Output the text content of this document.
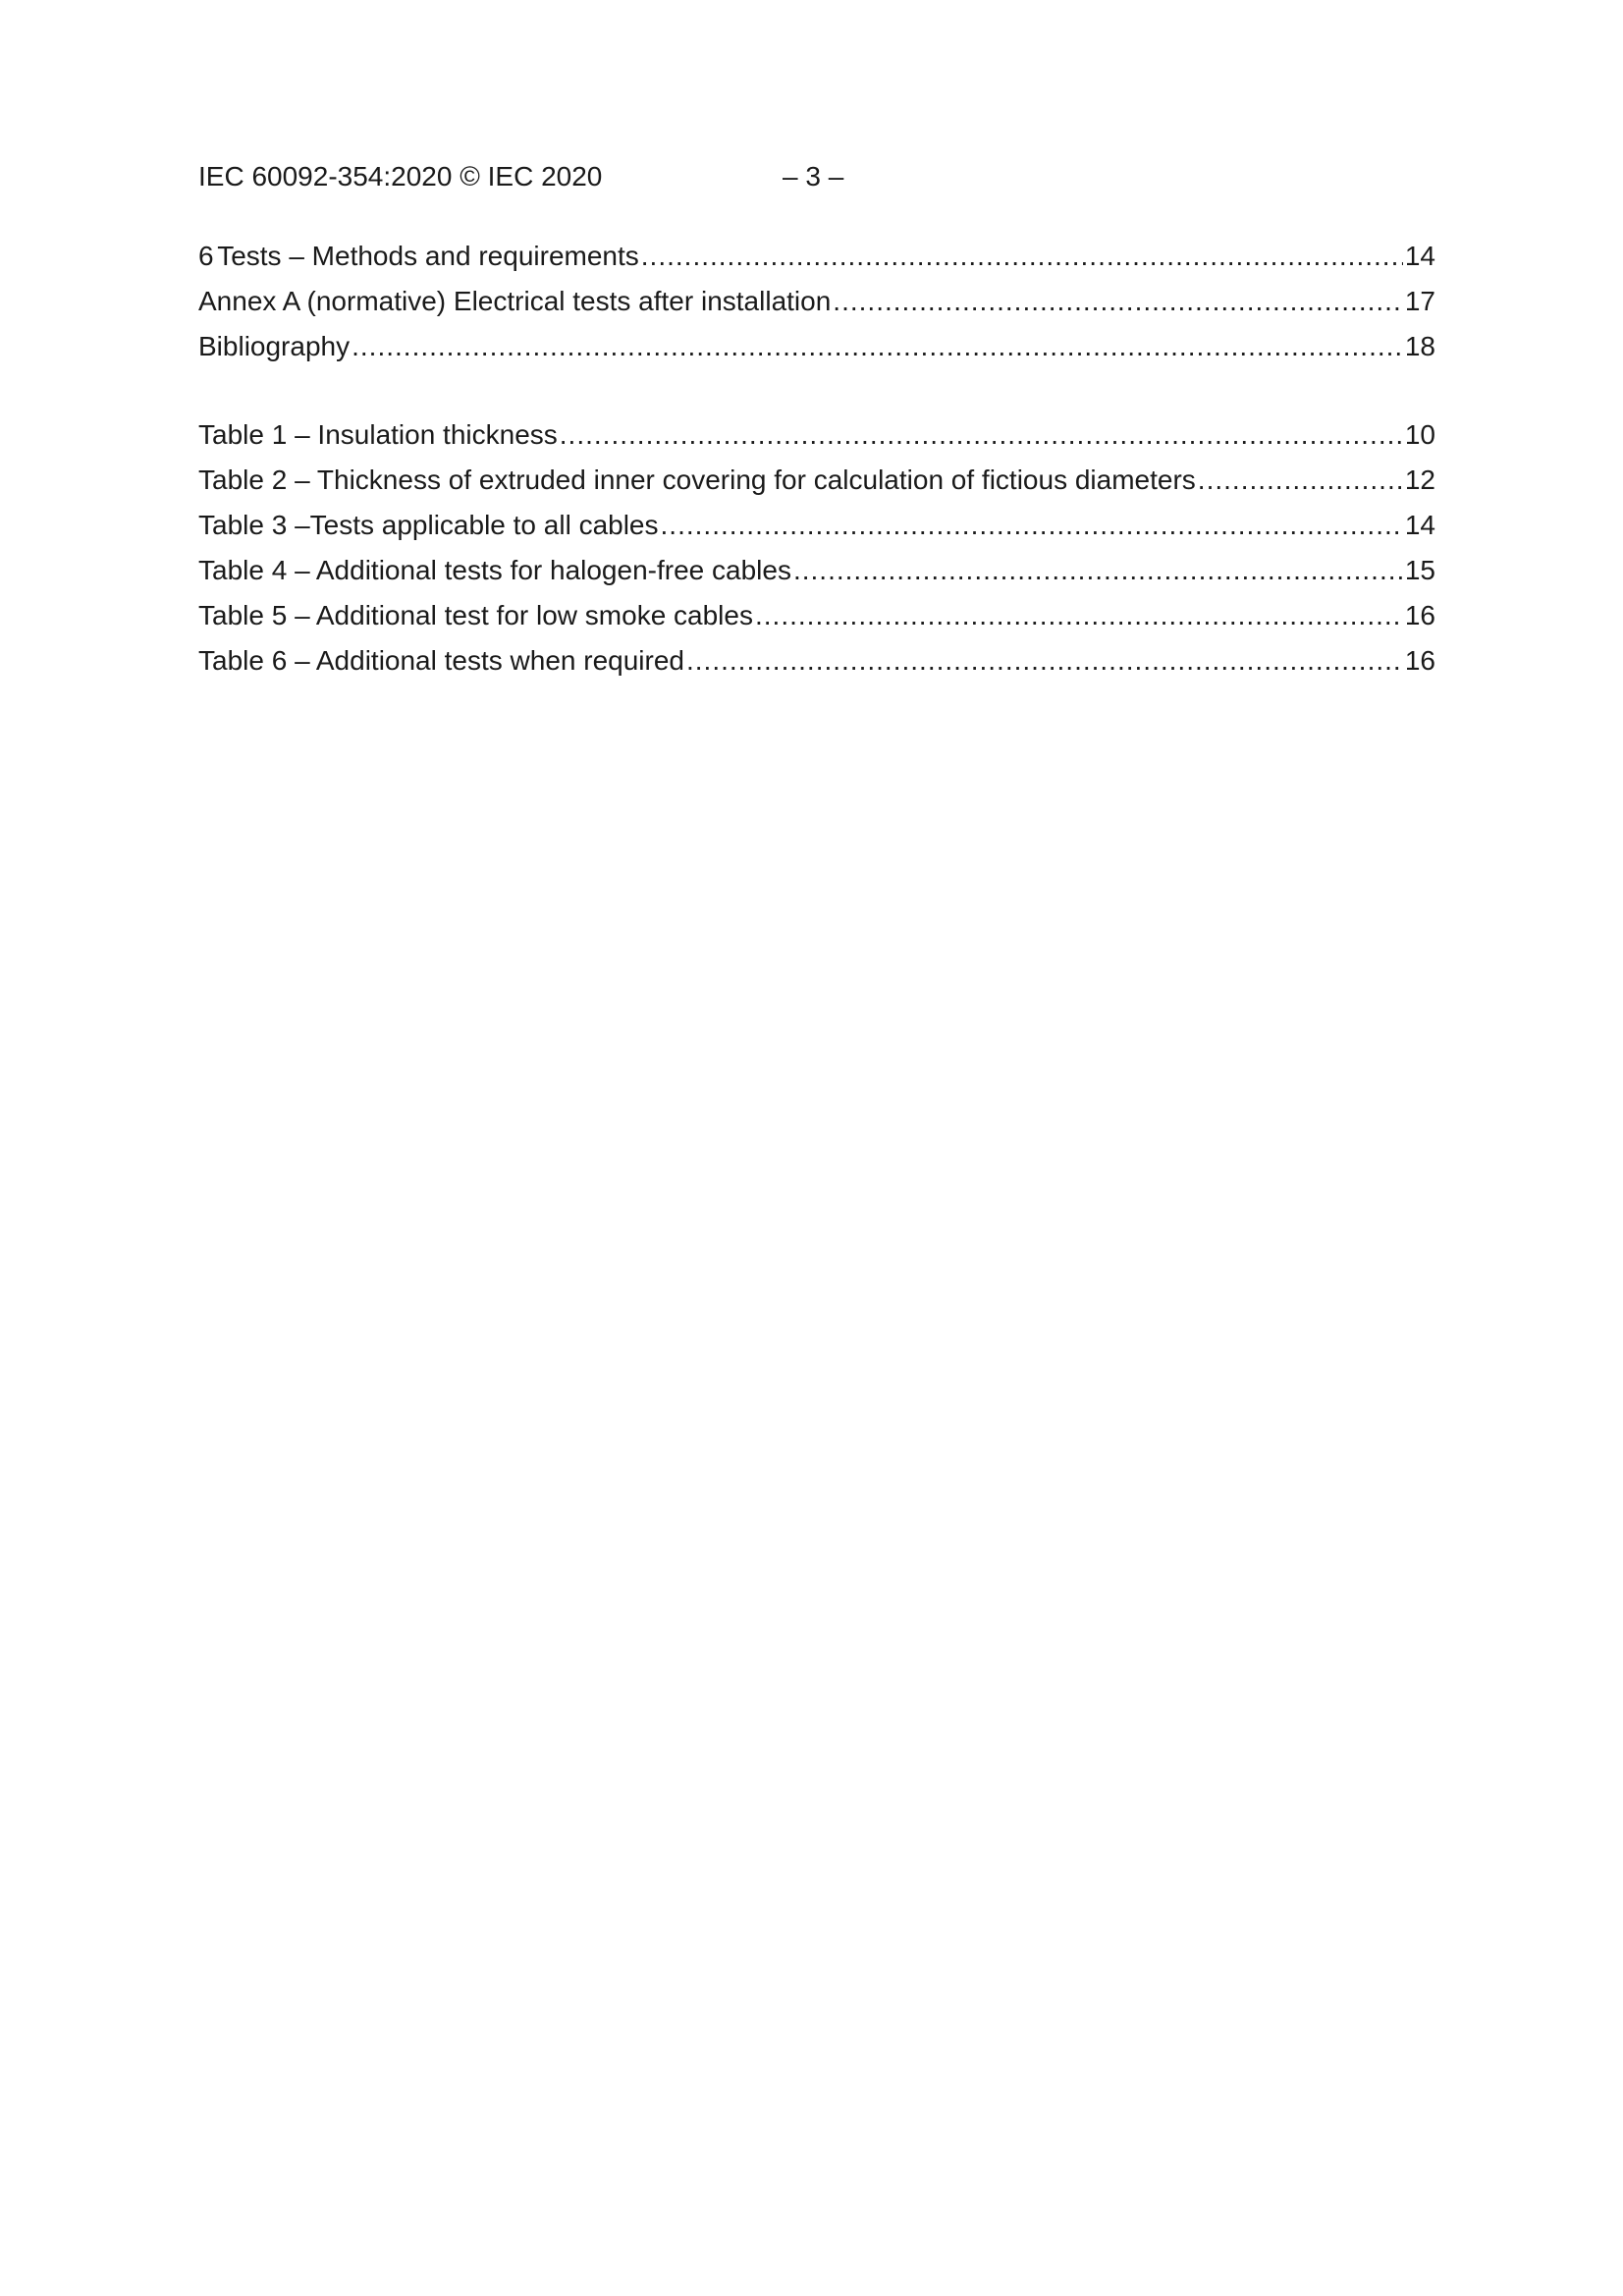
IEC 60092-354:2020 © IEC 2020	– 3 –
6 Tests – Methods and requirements .....	14
Annex A (normative) Electrical tests after installation .....	17
Bibliography .....	18
Table 1 – Insulation thickness .....	10
Table 2 – Thickness of extruded inner covering for calculation of fictious diameters .....	12
Table 3 –Tests applicable to all cables .....	14
Table 4 – Additional tests for halogen-free cables .....	15
Table 5 – Additional test for low smoke cables .....	16
Table 6 – Additional tests when required .....	16
